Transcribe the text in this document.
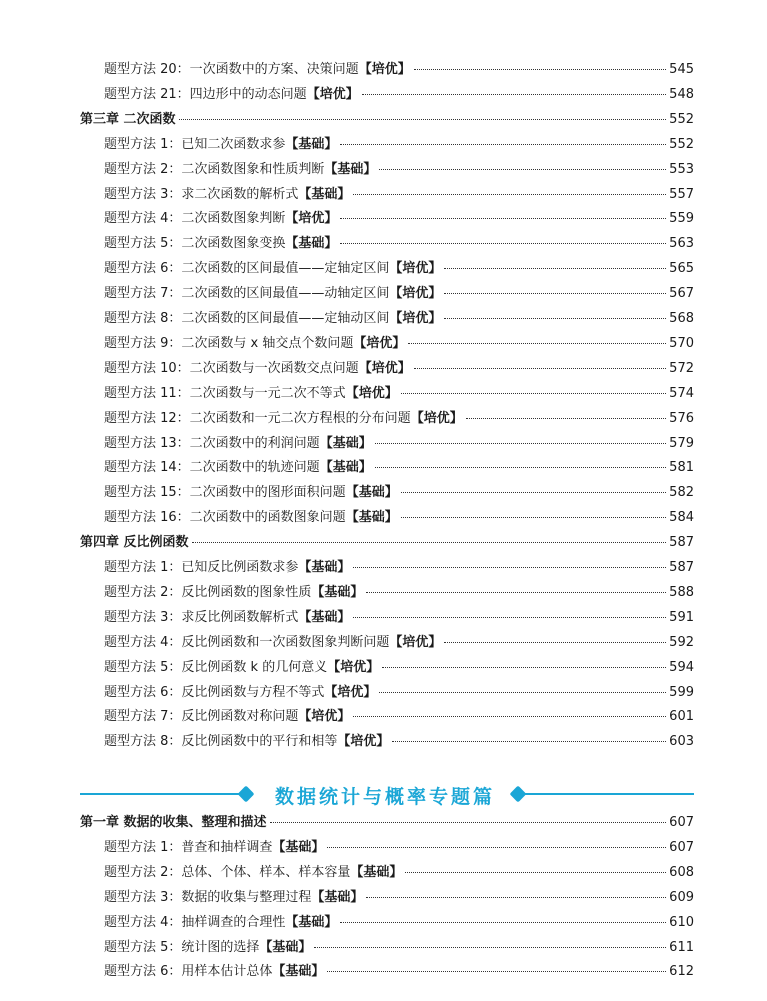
题型方法 20：一次函数中的方案、决策问题 【培优】	545
题型方法 21：四边形中的动态问题 【培优】	548
第三章 二次函数	552
题型方法 1：已知二次函数求参 【基础】	552
题型方法 2：二次函数图象和性质判断 【基础】	553
题型方法 3：求二次函数的解析式 【基础】	557
题型方法 4：二次函数图象判断 【培优】	559
题型方法 5：二次函数图象变换 【基础】	563
题型方法 6：二次函数的区间最值——定轴定区间 【培优】	565
题型方法 7：二次函数的区间最值——动轴定区间 【培优】	567
题型方法 8：二次函数的区间最值——定轴动区间 【培优】	568
题型方法 9：二次函数与 x 轴交点个数问题 【培优】	570
题型方法 10：二次函数与一次函数交点问题 【培优】	572
题型方法 11：二次函数与一元二次不等式 【培优】	574
题型方法 12：二次函数和一元二次方程根的分布问题 【培优】	576
题型方法 13：二次函数中的利润问题 【基础】	579
题型方法 14：二次函数中的轨迹问题 【基础】	581
题型方法 15：二次函数中的图形面积问题 【基础】	582
题型方法 16：二次函数中的函数图象问题 【基础】	584
第四章 反比例函数	587
题型方法 1：已知反比例函数求参 【基础】	587
题型方法 2：反比例函数的图象性质 【基础】	588
题型方法 3：求反比例函数解析式 【基础】	591
题型方法 4：反比例函数和一次函数图象判断问题 【培优】	592
题型方法 5：反比例函数 k 的几何意义 【培优】	594
题型方法 6：反比例函数与方程不等式 【培优】	599
题型方法 7：反比例函数对称问题 【培优】	601
题型方法 8：反比例函数中的平行和相等 【培优】	603
第一章 数据的收集、整理和描述	607
题型方法 1：普查和抽样调查 【基础】	607
题型方法 2：总体、个体、样本、样本容量 【基础】	608
题型方法 3：数据的收集与整理过程 【基础】	609
题型方法 4：抽样调查的合理性 【基础】	610
题型方法 5：统计图的选择 【基础】	611
题型方法 6：用样本估计总体 【基础】	612
数据统计与概率专题篇
